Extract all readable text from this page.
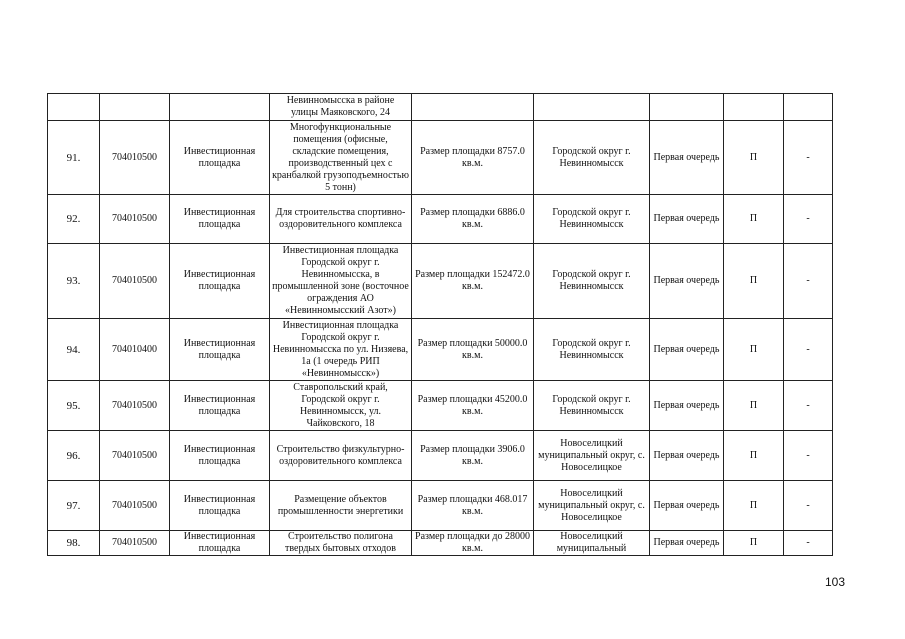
			Невинномысска в районе улицы Маяковского, 24					
91.	704010500	Инвестиционная площадка	Многофункциональные помещения (офисные, складские помещения, производственный цех с кранбалкой грузоподъемностью 5 тонн)	Размер площадки 8757.0 кв.м.	Городской округ г. Невинномысск	Первая очередь	П	-
92.	704010500	Инвестиционная площадка	Для строительства спортивно-оздоровительного комплекса	Размер площадки 6886.0 кв.м.	Городской округ г. Невинномысск	Первая очередь	П	-
93.	704010500	Инвестиционная площадка	Инвестиционная площадка Городской округ г. Невинномысска, в промышленной зоне (восточное ограждения АО «Невинномысский Азот»)	Размер площадки 152472.0 кв.м.	Городской округ г. Невинномысск	Первая очередь	П	-
94.	704010400	Инвестиционная площадка	Инвестиционная площадка Городской округ г. Невинномысска по ул. Низяева, 1а (1 очередь РИП «Невинномысск»)	Размер площадки 50000.0 кв.м.	Городской округ г. Невинномысск	Первая очередь	П	-
95.	704010500	Инвестиционная площадка	Ставропольский край, Городской округ г. Невинномысск, ул. Чайковского, 18	Размер площадки 45200.0 кв.м.	Городской округ г. Невинномысск	Первая очередь	П	-
96.	704010500	Инвестиционная площадка	Строительство физкультурно-оздоровительного комплекса	Размер площадки 3906.0 кв.м.	Новоселицкий муниципальный округ, с. Новоселицкое	Первая очередь	П	-
97.	704010500	Инвестиционная площадка	Размещение объектов промышленности энергетики	Размер площадки 468.017 кв.м.	Новоселицкий муниципальный округ, с. Новоселицкое	Первая очередь	П	-
98.	704010500	Инвестиционная площадка	Строительство полигона твердых бытовых отходов	Размер площадки до 28000 кв.м.	Новоселицкий муниципальный	Первая очередь	П	-
103
